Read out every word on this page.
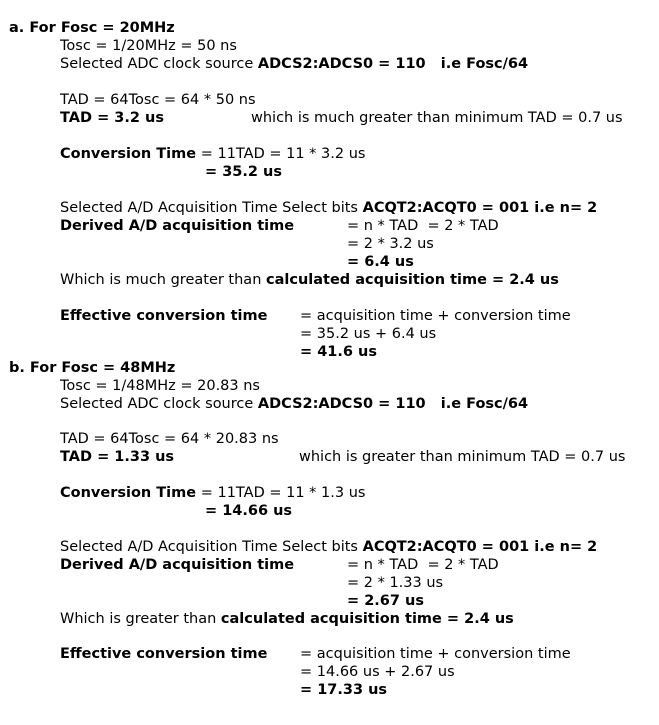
a. For Fosc = 20MHz
Tosc = 1/20MHz = 50 ns
Selected ADC clock source ADCS2:ADCS0 = 110   i.e Fosc/64
TAD = 64Tosc = 64 * 50 ns
TAD = 3.2 us	which is much greater than minimum TAD = 0.7 us
Conversion Time = 11TAD = 11 * 3.2 us
= 35.2 us
Selected A/D Acquisition Time Select bits ACQT2:ACQT0 = 001 i.e n= 2
Derived A/D acquisition time	= n * TAD  = 2 * TAD
= 2 * 3.2 us
= 6.4 us
Which is much greater than calculated acquisition time = 2.4 us
Effective conversion time = acquisition time + conversion time
= 35.2 us + 6.4 us
= 41.6 us
b. For Fosc = 48MHz
Tosc = 1/48MHz = 20.83 ns
Selected ADC clock source ADCS2:ADCS0 = 110   i.e Fosc/64
TAD = 64Tosc = 64 * 20.83 ns
TAD = 1.33 us	which is greater than minimum TAD = 0.7 us
Conversion Time = 11TAD = 11 * 1.3 us
= 14.66 us
Selected A/D Acquisition Time Select bits ACQT2:ACQT0 = 001 i.e n= 2
Derived A/D acquisition time	= n * TAD  = 2 * TAD
= 2 * 1.33 us
= 2.67 us
Which is greater than calculated acquisition time = 2.4 us
Effective conversion time = acquisition time + conversion time
= 14.66 us + 2.67 us
= 17.33 us
